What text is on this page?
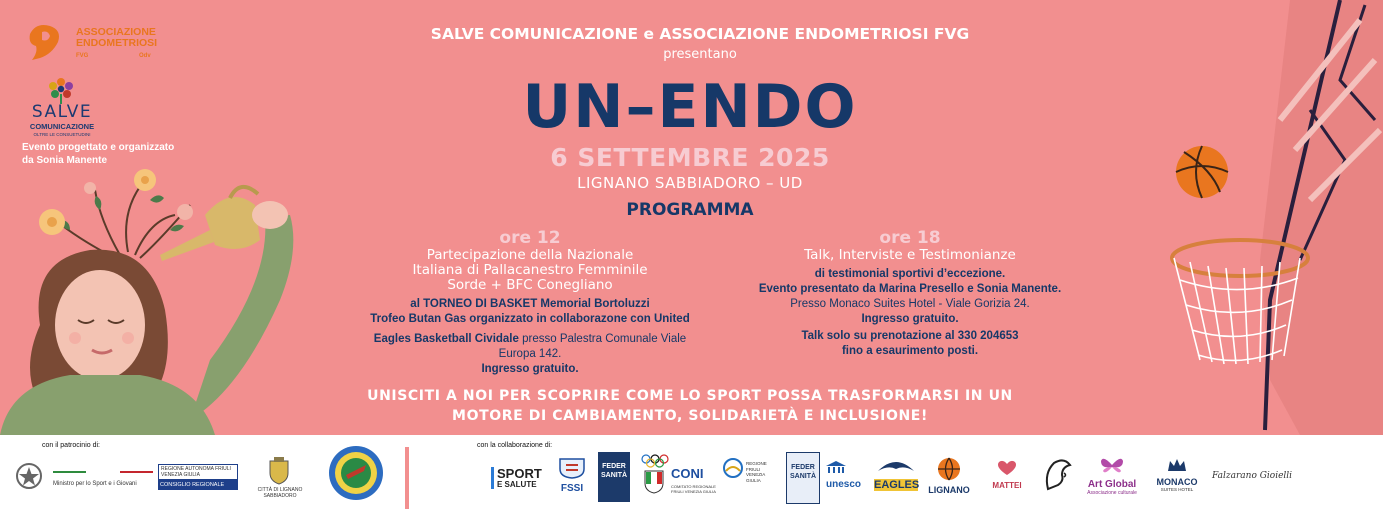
ASSOCIAZIONE ENDOMETRIOSI
FVG	Odv
SALVE
COMUNICAZIONE
OLTRE LE CONSUETUDINI
Evento progettato e organizzato
da Sonia Manente
SALVE COMUNICAZIONE e ASSOCIAZIONE ENDOMETRIOSI FVG
presentano
UN–ENDO
6 SETTEMBRE 2025
LIGNANO SABBIADORO – UD
PROGRAMMA
ore 12
Partecipazione della Nazionale
Italiana di Pallacanestro Femminile
Sorde + BFC Conegliano
al TORNEO DI BASKET Memorial Bortoluzzi
Trofeo Butan Gas organizzato in collaborazone con United
Eagles Basketball Cividale presso Palestra Comunale Viale
Europa 142.
Ingresso gratuito.
ore 18
Talk, Interviste e Testimonianze
di testimonial sportivi d’eccezione.
Evento presentato da Marina Presello e Sonia Manente.
Presso Monaco Suites Hotel - Viale Gorizia 24.
Ingresso gratuito.
Talk solo su prenotazione al 330 204653
fino a esaurimento posti.
UNISCITI A NOI PER SCOPRIRE COME LO SPORT POSSA TRASFORMARSI IN UN
MOTORE DI CAMBIAMENTO, SOLIDARIETÀ E INCLUSIONE!
con il patrocinio di:	con la collaborazione di:
Ministro per lo Sport e i Giovani
REGIONE AUTONOMA FRIULI VENEZIA GIULIA
CONSIGLIO REGIONALE
CITTÀ DI LIGNANO SABBIADORO
SPORT
E SALUTE	FSSI
FEDER SANITÀ	CONI
COMITATO REGIONALE FRIULI VENEZIA GIULIA
REGIONE FRIULI VENEZIA GIULIA
FEDER SANITÀ
unesco	EAGLES	LIGNANO	MATTEI	Art Global
Associazione culturale
MONACO
SUITES HOTEL
Falzarano Gioielli
